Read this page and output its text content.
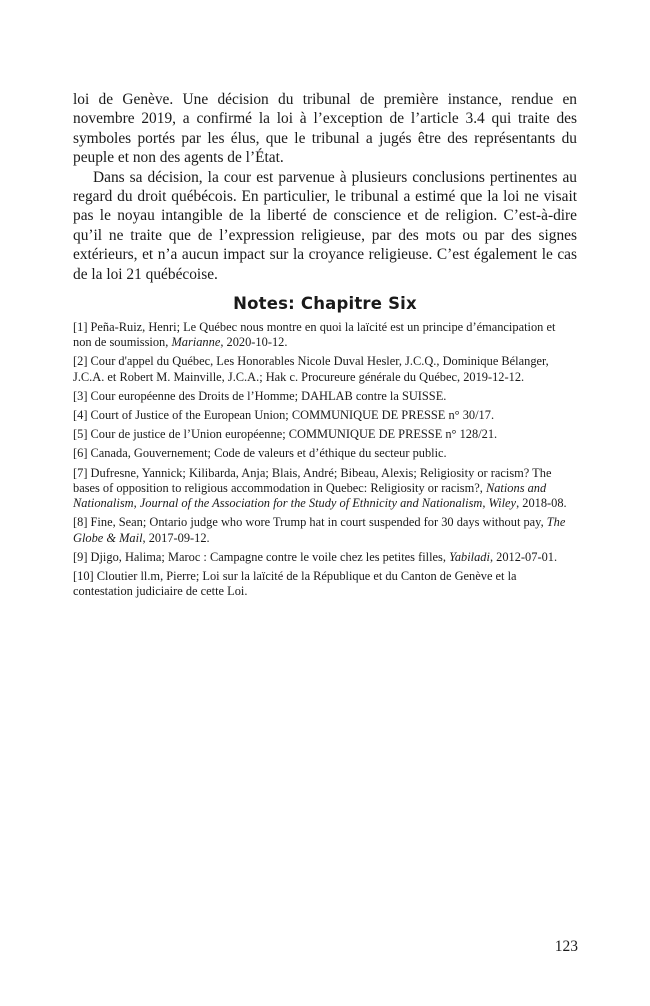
loi de Genève. Une décision du tribunal de première instance, rendue en novembre 2019, a confirmé la loi à l’exception de l’article 3.4 qui traite des symboles portés par les élus, que le tribunal a jugés être des représentants du peuple et non des agents de l’État.

Dans sa décision, la cour est parvenue à plusieurs conclusions pertinentes au regard du droit québécois. En particulier, le tribunal a estimé que la loi ne visait pas le noyau intangible de la liberté de conscience et de religion. C’est-à-dire qu’il ne traite que de l’expression religieuse, par des mots ou par des signes extérieurs, et n’a aucun impact sur la croyance religieuse. C’est également le cas de la loi 21 québécoise.

Notes: Chapitre Six
[1] Peña-Ruiz, Henri; Le Québec nous montre en quoi la laïcité est un principe d’émancipation et non de soumission, Marianne, 2020-10-12.
[2] Cour d'appel du Québec, Les Honorables Nicole Duval Hesler, J.C.Q., Dominique Bélanger, J.C.A. et Robert M. Mainville, J.C.A.; Hak c. Procureure générale du Québec, 2019-12-12.
[3] Cour européenne des Droits de l’Homme; DAHLAB contre la SUISSE.
[4] Court of Justice of the European Union; COMMUNIQUE DE PRESSE n° 30/17.
[5] Cour de justice de l’Union européenne; COMMUNIQUE DE PRESSE n° 128/21.
[6] Canada, Gouvernement; Code de valeurs et d’éthique du secteur public.
[7] Dufresne, Yannick; Kilibarda, Anja; Blais, André; Bibeau, Alexis; Religiosity or racism? The bases of opposition to religious accommodation in Quebec: Religiosity or racism?, Nations and Nationalism, Journal of the Association for the Study of Ethnicity and Nationalism, Wiley, 2018-08.
[8] Fine, Sean; Ontario judge who wore Trump hat in court suspended for 30 days without pay, The Globe & Mail, 2017-09-12.
[9] Djigo, Halima; Maroc : Campagne contre le voile chez les petites filles, Yabiladi, 2012-07-01.
[10] Cloutier ll.m, Pierre; Loi sur la laïcité de la République et du Canton de Genève et la contestation judiciaire de cette Loi.
123
